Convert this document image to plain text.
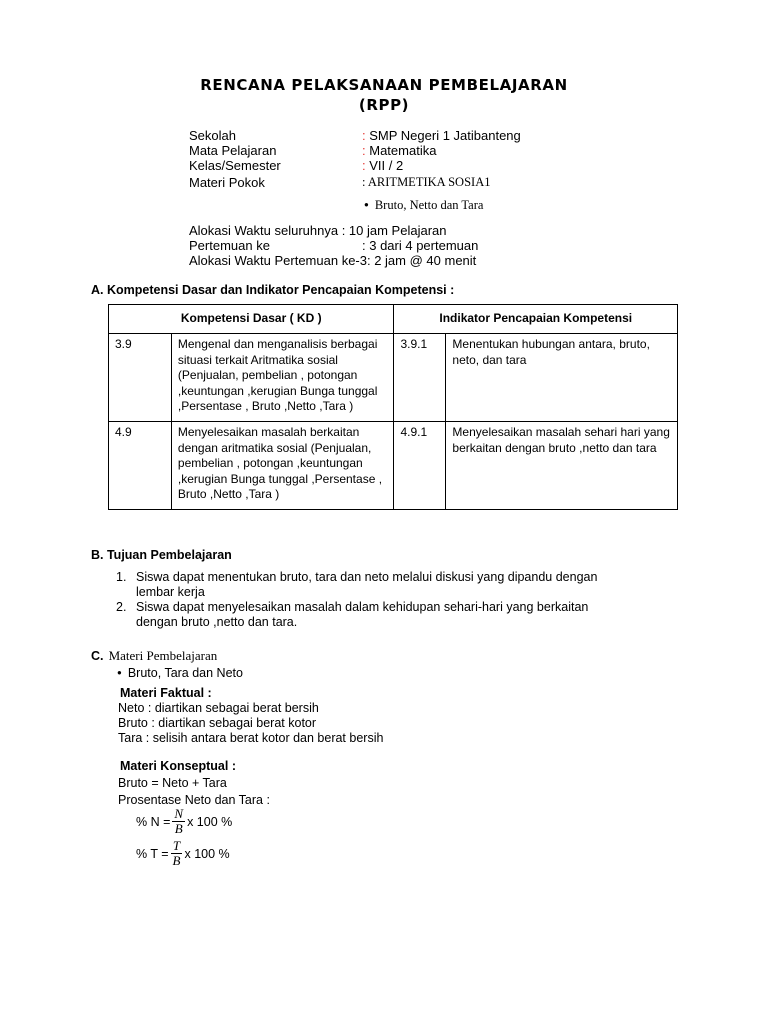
RENCANA PELAKSANAAN PEMBELAJARAN
(RPP)
Sekolah	: SMP Negeri 1 Jatibanteng
Mata Pelajaran	: Matematika
Kelas/Semester	: VII / 2
Materi Pokok	: ARITMETIKA SOSIA1
● Bruto, Netto dan Tara
Alokasi Waktu seluruhnya : 10 jam Pelajaran
Pertemuan ke	: 3 dari 4 pertemuan
Alokasi Waktu Pertemuan ke-3: 2 jam @ 40 menit
A. Kompetensi Dasar dan Indikator Pencapaian Kompetensi :
Kompetensi Dasar ( KD )		Indikator Pencapaian Kompetensi	
3.9	Mengenal dan menganalisis berbagai situasi terkait Aritmatika sosial (Penjualan, pembelian , potongan ,keuntungan ,kerugian Bunga tunggal ,Persentase , Bruto ,Netto ,Tara )	3.9.1	Menentukan hubungan antara, bruto, neto, dan tara
4.9	Menyelesaikan masalah berkaitan dengan aritmatika sosial (Penjualan, pembelian , potongan ,keuntungan ,kerugian Bunga tunggal ,Persentase , Bruto ,Netto ,Tara )	4.9.1	Menyelesaikan masalah sehari hari yang berkaitan dengan bruto ,netto dan tara
B. Tujuan Pembelajaran
1. Siswa dapat menentukan bruto, tara dan neto melalui diskusi yang dipandu dengan
lembar kerja
2. Siswa dapat menyelesaikan masalah dalam kehidupan sehari-hari yang berkaitan
dengan bruto ,netto dan tara.
C. Materi Pembelajaran
● Bruto, Tara dan Neto
Materi Faktual :
Neto : diartikan sebagai berat bersih
Bruto : diartikan sebagai berat kotor
Tara : selisih antara berat kotor dan berat bersih
Materi Konseptual :
Bruto = Neto + Tara
Prosentase Neto dan Tara :
% $N = \frac{N}{B}$ x 100 %
% $T = \frac{T}{B}$ x 100 %
